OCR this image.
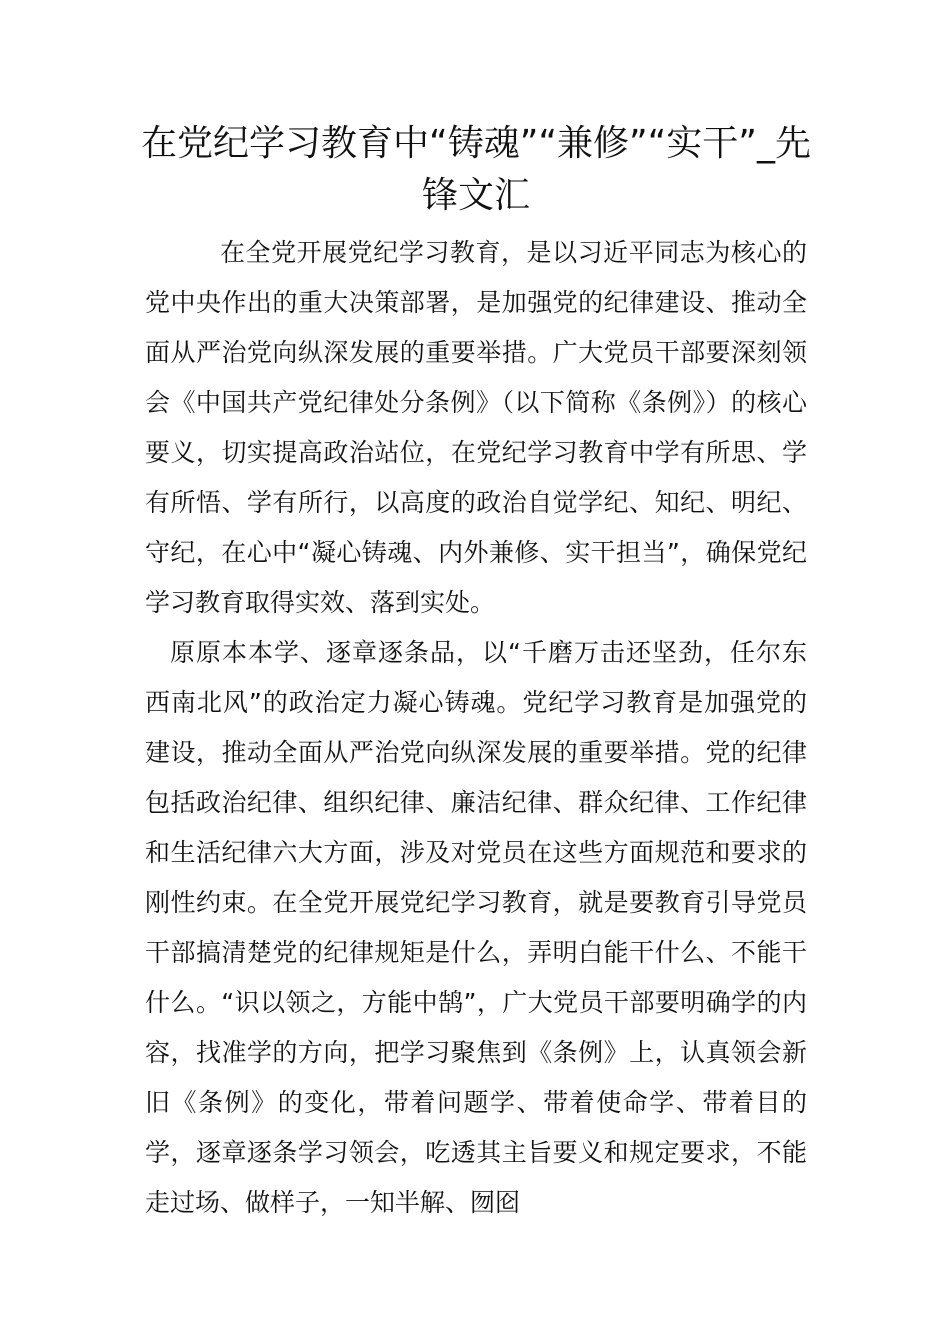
在党纪学习教育中“铸魂”“兼修”“实干”_先锋文汇

在全党开展党纪学习教育，是以习近平同志为核心的党中央作出的重大决策部署，是加强党的纪律建设、推动全面从严治党向纵深发展的重要举措。广大党员干部要深刻领会《中国共产党纪律处分条例》（以下简称《条例》）的核心要义，切实提高政治站位，在党纪学习教育中学有所思、学有所悟、学有所行，以高度的政治自觉学纪、知纪、明纪、守纪，在心中“凝心铸魂、内外兼修、实干担当”，确保党纪学习教育取得实效、落到实处。

原原本本学、逐章逐条品，以“千磨万击还坚劲，任尔东西南北风”的政治定力凝心铸魂。党纪学习教育是加强党的建设，推动全面从严治党向纵深发展的重要举措。党的纪律包括政治纪律、组织纪律、廉洁纪律、群众纪律、工作纪律和生活纪律六大方面，涉及对党员在这些方面规范和要求的刚性约束。在全党开展党纪学习教育，就是要教育引导党员干部搞清楚党的纪律规矩是什么，弄明白能干什么、不能干什么。“识以领之，方能中鹄”，广大党员干部要明确学的内容，找准学的方向，把学习聚焦到《条例》上，认真领会新旧《条例》的变化，带着问题学、带着使命学、带着目的学，逐章逐条学习领会，吃透其主旨要义和规定要求，不能走过场、做样子，一知半解、囫囵
